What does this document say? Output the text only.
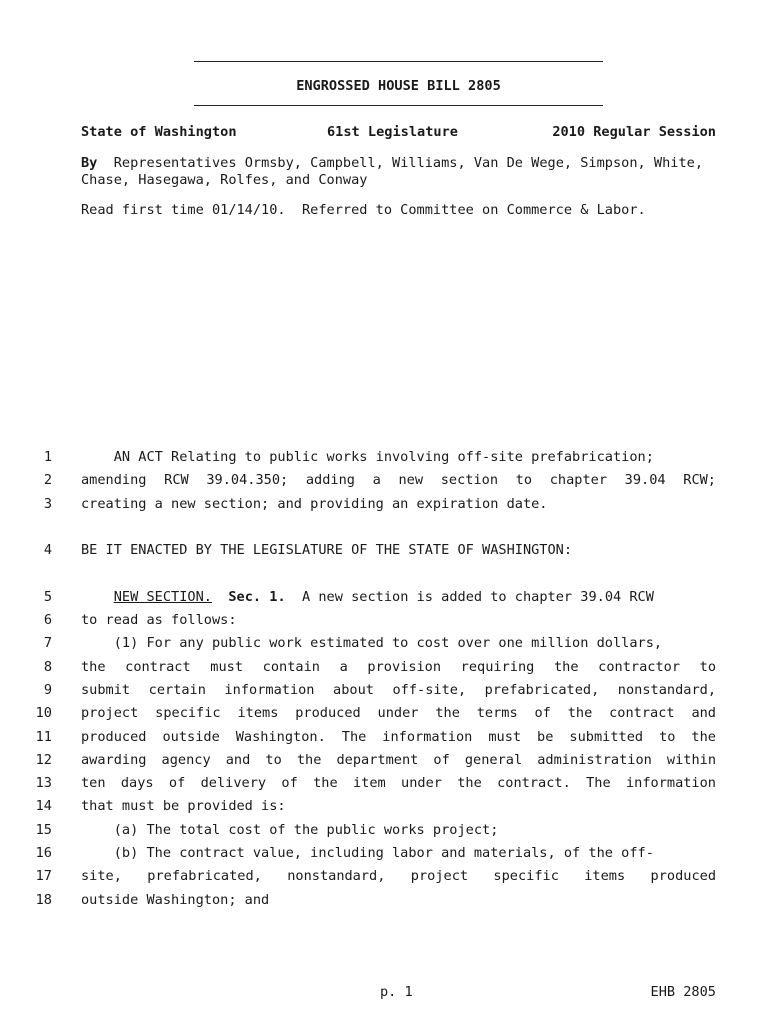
ENGROSSED HOUSE BILL 2805
State of Washington	61st Legislature	2010 Regular Session
By Representatives Ormsby, Campbell, Williams, Van De Wege, Simpson, White, Chase, Hasegawa, Rolfes, and Conway
Read first time 01/14/10.  Referred to Committee on Commerce & Labor.
1 AN ACT Relating to public works involving off-site prefabrication;
2 amending RCW 39.04.350; adding a new section to chapter 39.04 RCW;
3 creating a new section; and providing an expiration date.
4 BE IT ENACTED BY THE LEGISLATURE OF THE STATE OF WASHINGTON:
5	NEW SECTION. Sec. 1.  A new section is added to chapter 39.04 RCW
6 to read as follows:
7 (1) For any public work estimated to cost over one million dollars,
8 the contract must contain a provision requiring the contractor to
9 submit certain information about off-site, prefabricated, nonstandard,
10 project specific items produced under the terms of the contract and
11 produced outside Washington. The information must be submitted to the
12 awarding agency and to the department of general administration within
13 ten days of delivery of the item under the contract. The information
14 that must be provided is:
15 (a) The total cost of the public works project;
16 (b) The contract value, including labor and materials, of the off-
17 site, prefabricated, nonstandard, project specific items produced
18 outside Washington; and
p. 1	EHB 2805
